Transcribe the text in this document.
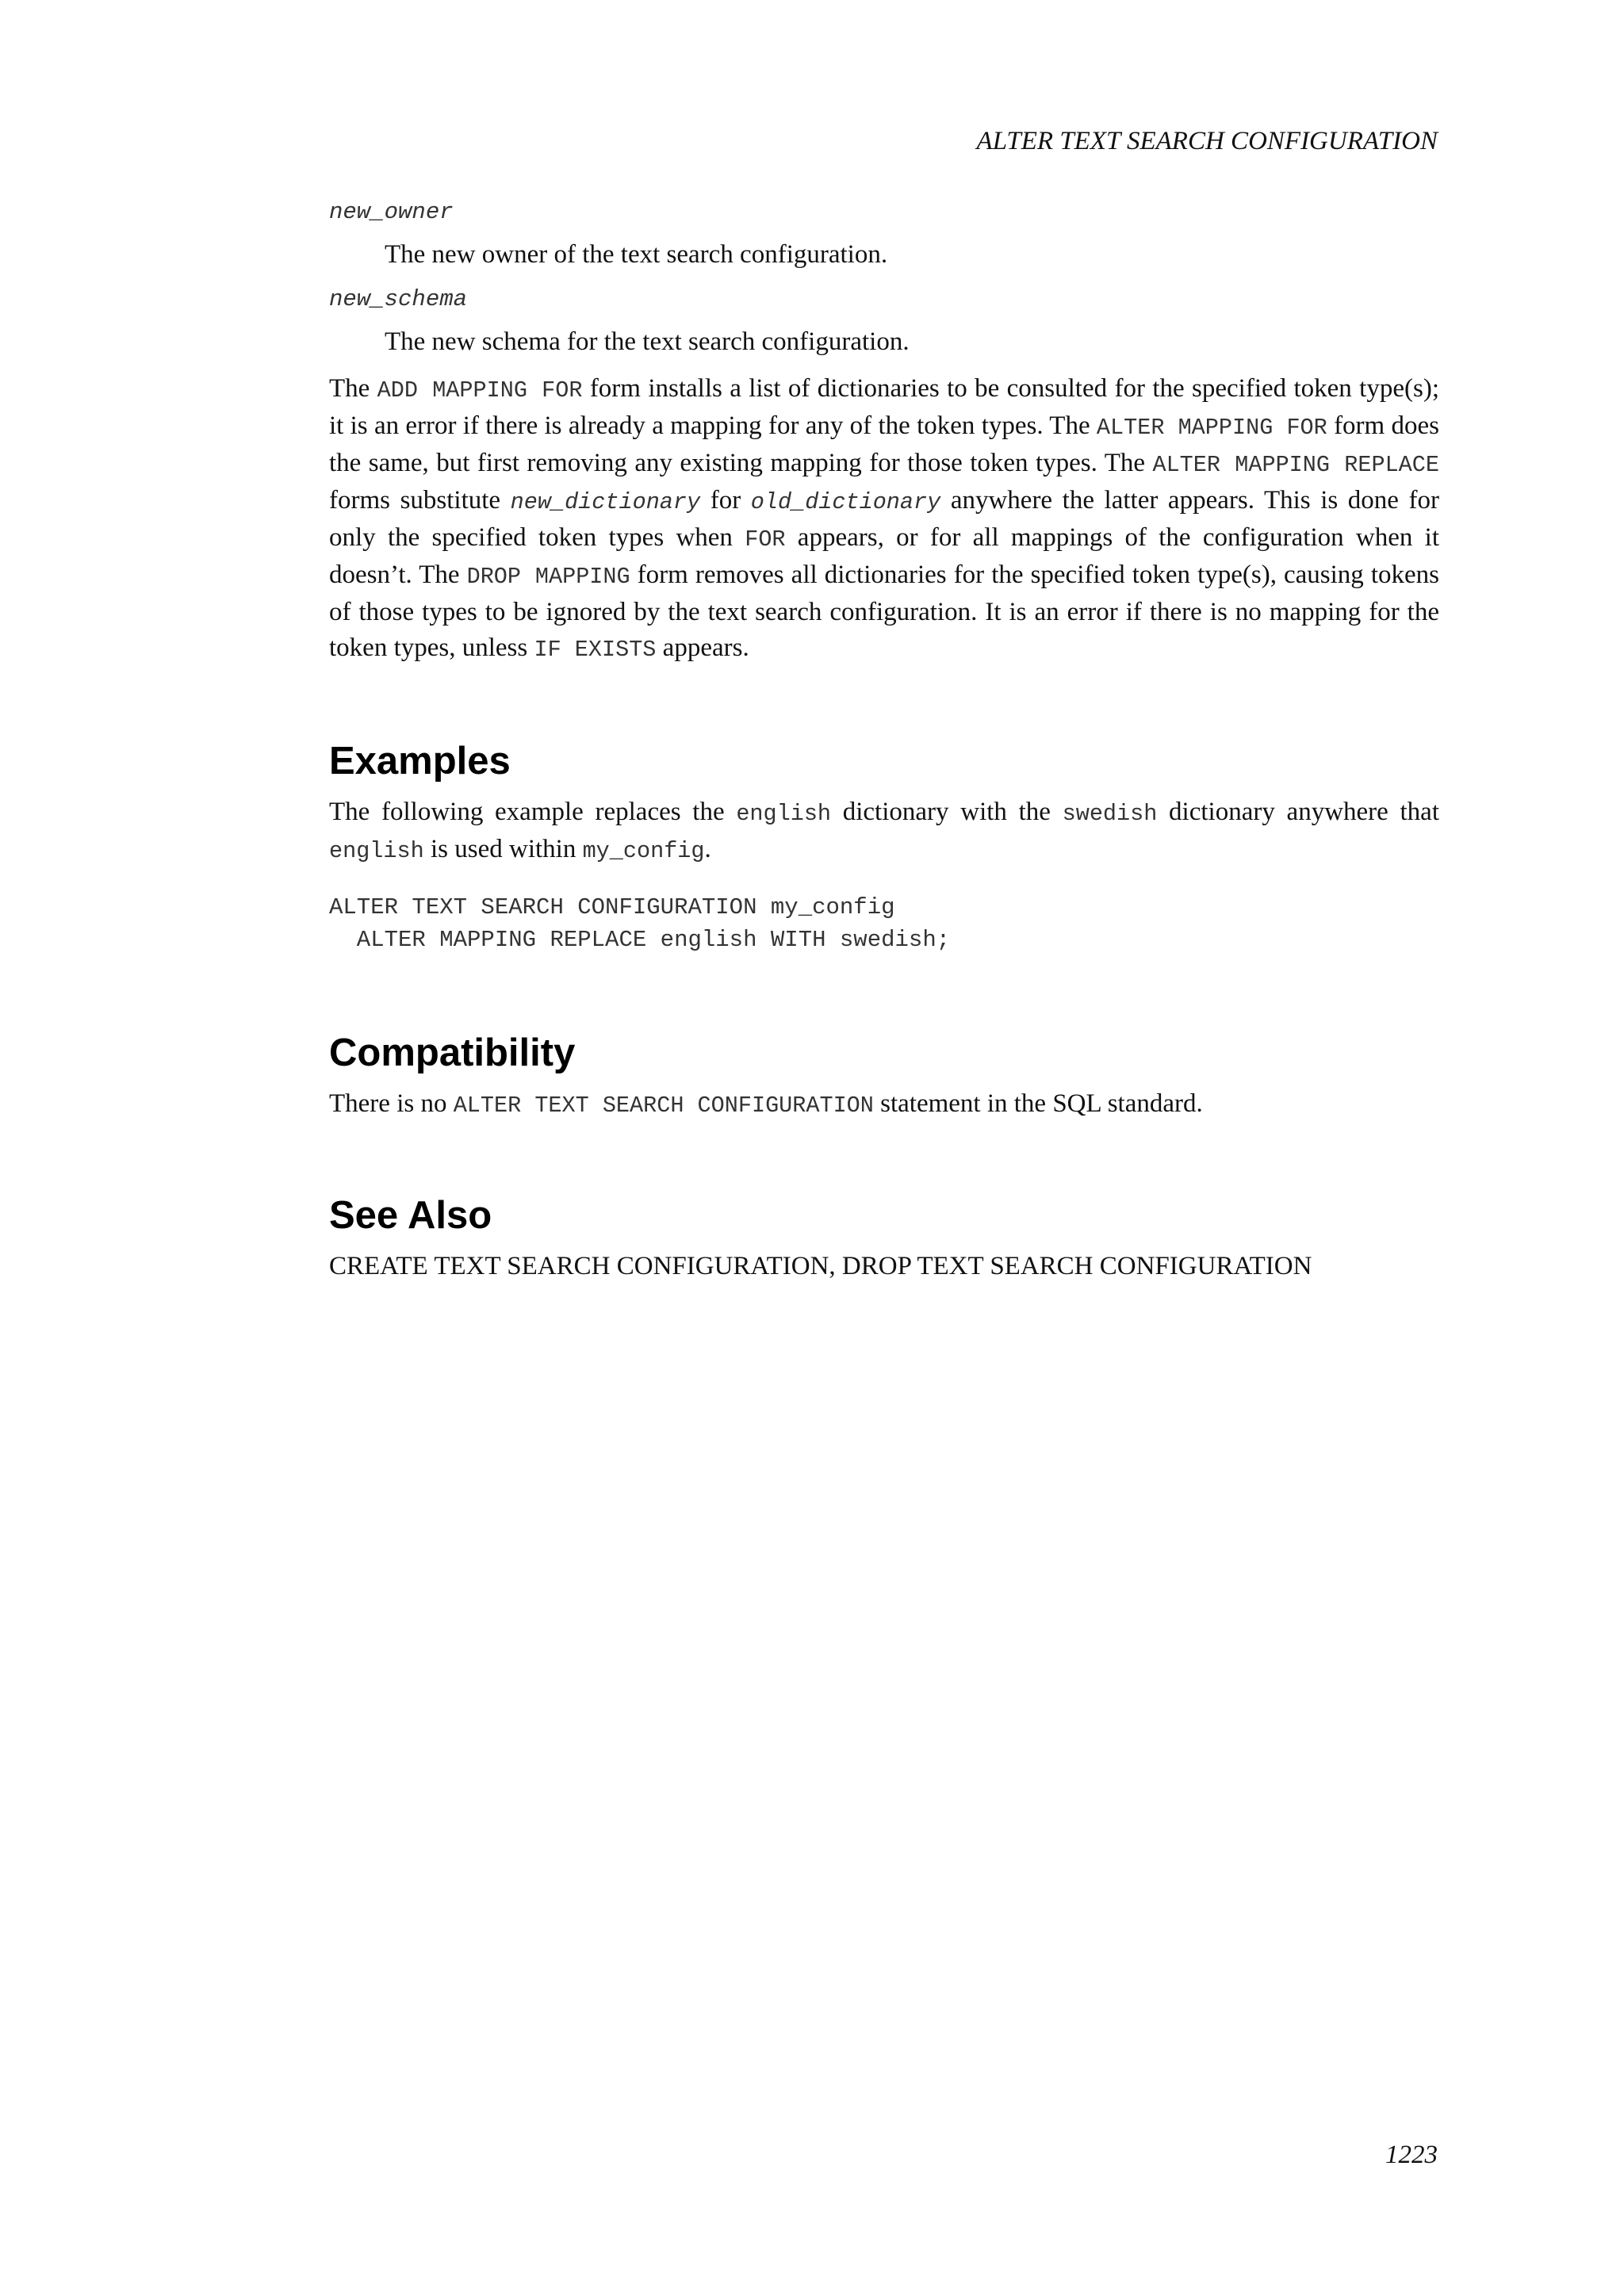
ALTER TEXT SEARCH CONFIGURATION

new_owner

The new owner of the text search configuration.

new_schema

The new schema for the text search configuration.

The ADD MAPPING FOR form installs a list of dictionaries to be consulted for the specified token type(s); it is an error if there is already a mapping for any of the token types. The ALTER MAPPING FOR form does the same, but first removing any existing mapping for those token types. The ALTER MAPPING REPLACE forms substitute new_dictionary for old_dictionary anywhere the latter appears. This is done for only the specified token types when FOR appears, or for all mappings of the configuration when it doesn’t. The DROP MAPPING form removes all dictionaries for the specified token type(s), causing tokens of those types to be ignored by the text search configuration. It is an error if there is no mapping for the token types, unless IF EXISTS appears.

Examples

The following example replaces the english dictionary with the swedish dictionary anywhere that english is used within my_config.

ALTER TEXT SEARCH CONFIGURATION my_config
ALTER MAPPING REPLACE english WITH swedish;
Compatibility

There is no ALTER TEXT SEARCH CONFIGURATION statement in the SQL standard.

See Also

CREATE TEXT SEARCH CONFIGURATION, DROP TEXT SEARCH CONFIGURATION

1223
